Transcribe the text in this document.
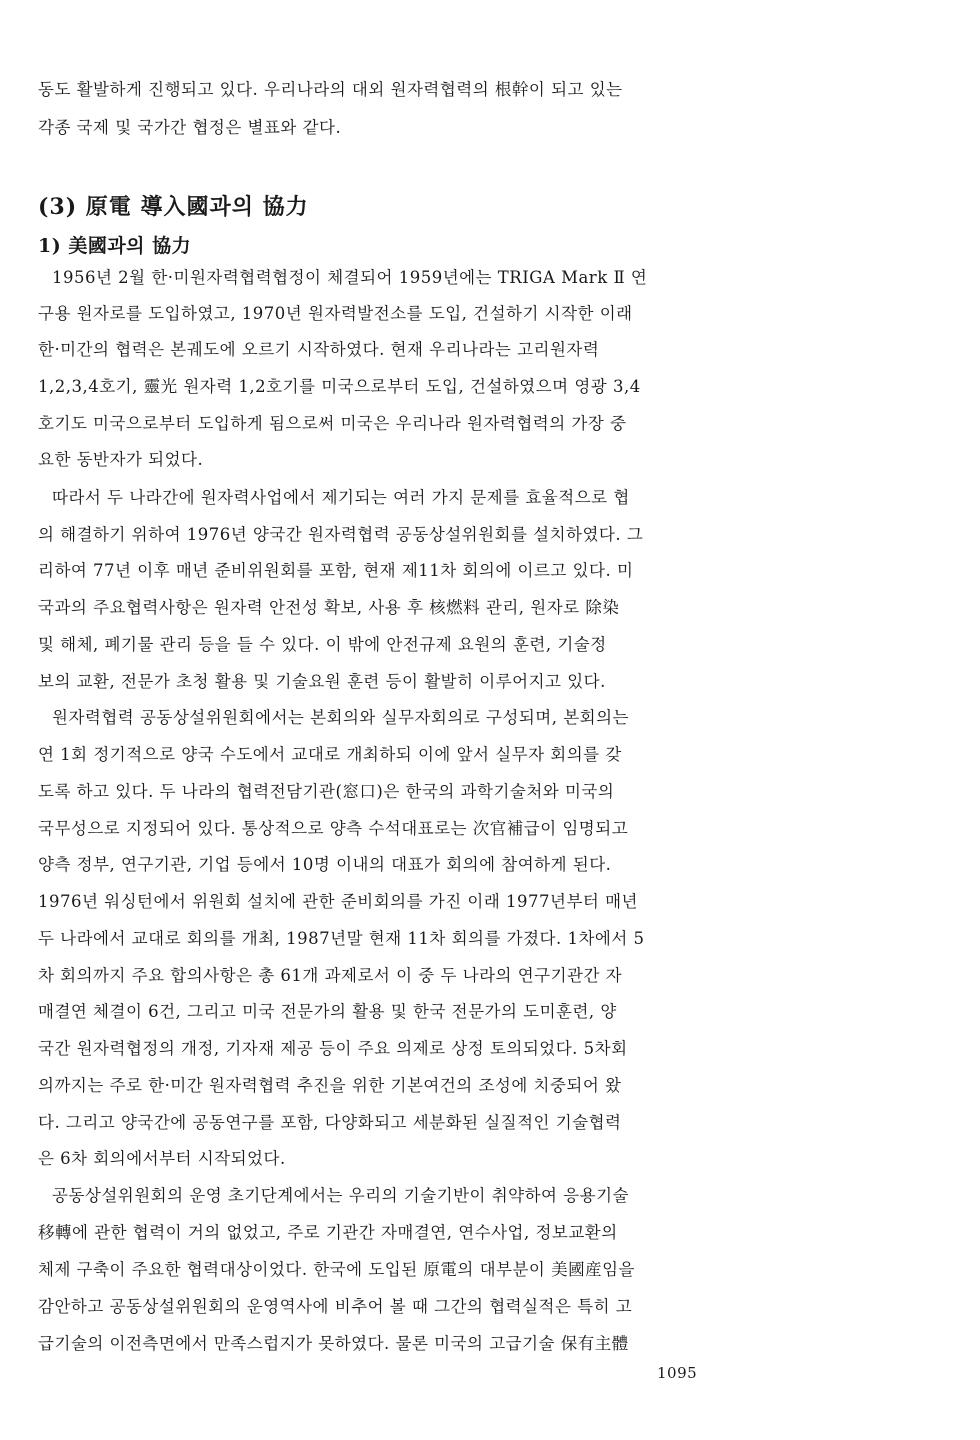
동도 활발하게 진행되고 있다. 우리나라의 대외 원자력협력의 根幹이 되고 있는
각종 국제 및 국가간 협정은 별표와 같다.
(3) 原電 導入國과의 協力
1) 美國과의 協力
1956년 2월 한·미원자력협력협정이 체결되어 1959년에는 TRIGA Mark Ⅱ 연
구용 원자로를 도입하였고, 1970년 원자력발전소를 도입, 건설하기 시작한 이래
한·미간의 협력은 본궤도에 오르기 시작하였다. 현재 우리나라는 고리원자력
1,2,3,4호기, 靈光 원자력 1,2호기를 미국으로부터 도입, 건설하였으며 영광 3,4
호기도 미국으로부터 도입하게 됨으로써 미국은 우리나라 원자력협력의 가장 중
요한 동반자가 되었다.
따라서 두 나라간에 원자력사업에서 제기되는 여러 가지 문제를 효율적으로 협
의 해결하기 위하여 1976년 양국간 원자력협력 공동상설위원회를 설치하였다. 그
리하여 77년 이후 매년 준비위원회를 포함, 현재 제11차 회의에 이르고 있다. 미
국과의 주요협력사항은 원자력 안전성 확보, 사용 후 核燃料 관리, 원자로 除染
및 해체, 폐기물 관리 등을 들 수 있다. 이 밖에 안전규제 요원의 훈련, 기술정
보의 교환, 전문가 초청 활용 및 기술요원 훈련 등이 활발히 이루어지고 있다.
원자력협력 공동상설위원회에서는 본회의와 실무자회의로 구성되며, 본회의는
연 1회 정기적으로 양국 수도에서 교대로 개최하되 이에 앞서 실무자 회의를 갖
도록 하고 있다. 두 나라의 협력전담기관(窓口)은 한국의 과학기술처와 미국의
국무성으로 지정되어 있다. 통상적으로 양측 수석대표로는 次官補급이 임명되고
양측 정부, 연구기관, 기업 등에서 10명 이내의 대표가 회의에 참여하게 된다.
1976년 워싱턴에서 위원회 설치에 관한 준비회의를 가진 이래 1977년부터 매년
두 나라에서 교대로 회의를 개최, 1987년말 현재 11차 회의를 가졌다. 1차에서 5
차 회의까지 주요 합의사항은 총 61개 과제로서 이 중 두 나라의 연구기관간 자
매결연 체결이 6건, 그리고 미국 전문가의 활용 및 한국 전문가의 도미훈련, 양
국간 원자력협정의 개정, 기자재 제공 등이 주요 의제로 상정 토의되었다. 5차회
의까지는 주로 한·미간 원자력협력 추진을 위한 기본여건의 조성에 치중되어 왔
다. 그리고 양국간에 공동연구를 포함, 다양화되고 세분화된 실질적인 기술협력
은 6차 회의에서부터 시작되었다.
공동상설위원회의 운영 초기단계에서는 우리의 기술기반이 취약하여 응용기술
移轉에 관한 협력이 거의 없었고, 주로 기관간 자매결연, 연수사업, 정보교환의
체제 구축이 주요한 협력대상이었다. 한국에 도입된 原電의 대부분이 美國産임을
감안하고 공동상설위원회의 운영역사에 비추어 볼 때 그간의 협력실적은 특히 고
급기술의 이전측면에서 만족스럽지가 못하였다. 물론 미국의 고급기술 保有主體
1095
